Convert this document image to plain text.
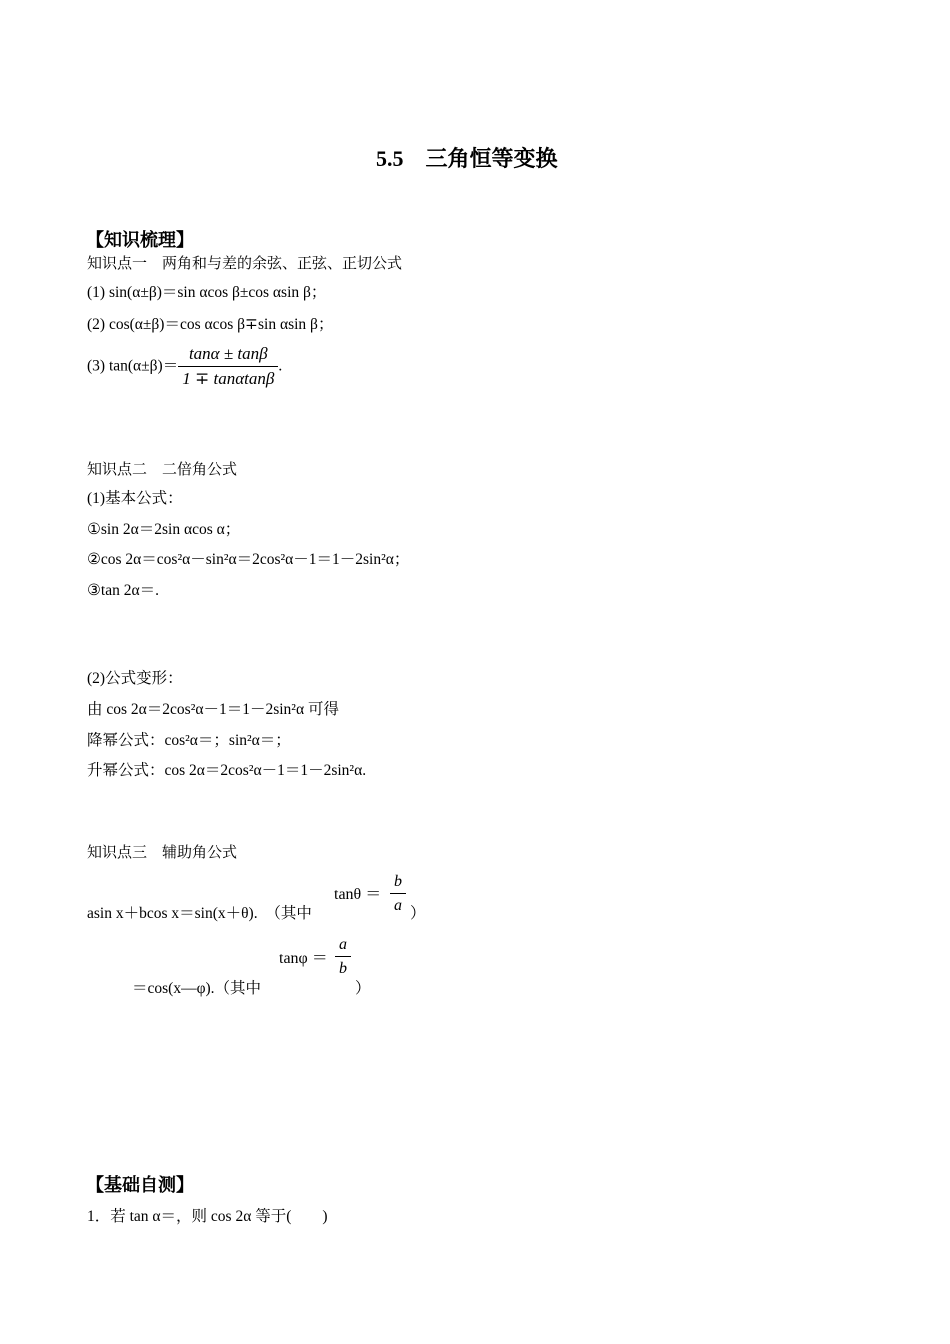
5.5　三角恒等变换
【知识梳理】
知识点一　两角和与差的余弦、正弦、正切公式
(1) sin(α±β)＝sin αcos β±cos αsin β；
(2) cos(α±β)＝cos αcos β∓sin αsin β；
(3) $\tan(\alpha\pm\beta)= \frac{\tan\alpha \pm \tan\beta}{1 \mp \tan\alpha\tan\beta}$ .
知识点二　二倍角公式
(1)基本公式：
①sin 2α＝2sin αcos α；
②cos 2α＝cos²α－sin²α＝2cos²α－1＝1－2sin²α；
③tan 2α＝.
(2)公式变形：
由 cos 2α＝2cos²α－1＝1－2sin²α 可得
降幂公式：cos²α＝；sin²α＝；
升幂公式：cos 2α＝2cos²α－1＝1－2sin²α.
知识点三　辅助角公式
asin x＋bcos x＝sin(x＋θ).　（其中
$\tan\theta = \frac{b}{a}$ ）
$\tan\varphi = \frac{a}{b}$
＝cos(x—φ).（其中	）
【基础自测】
1．若 tan α＝，则 cos 2α 等于(　　)
